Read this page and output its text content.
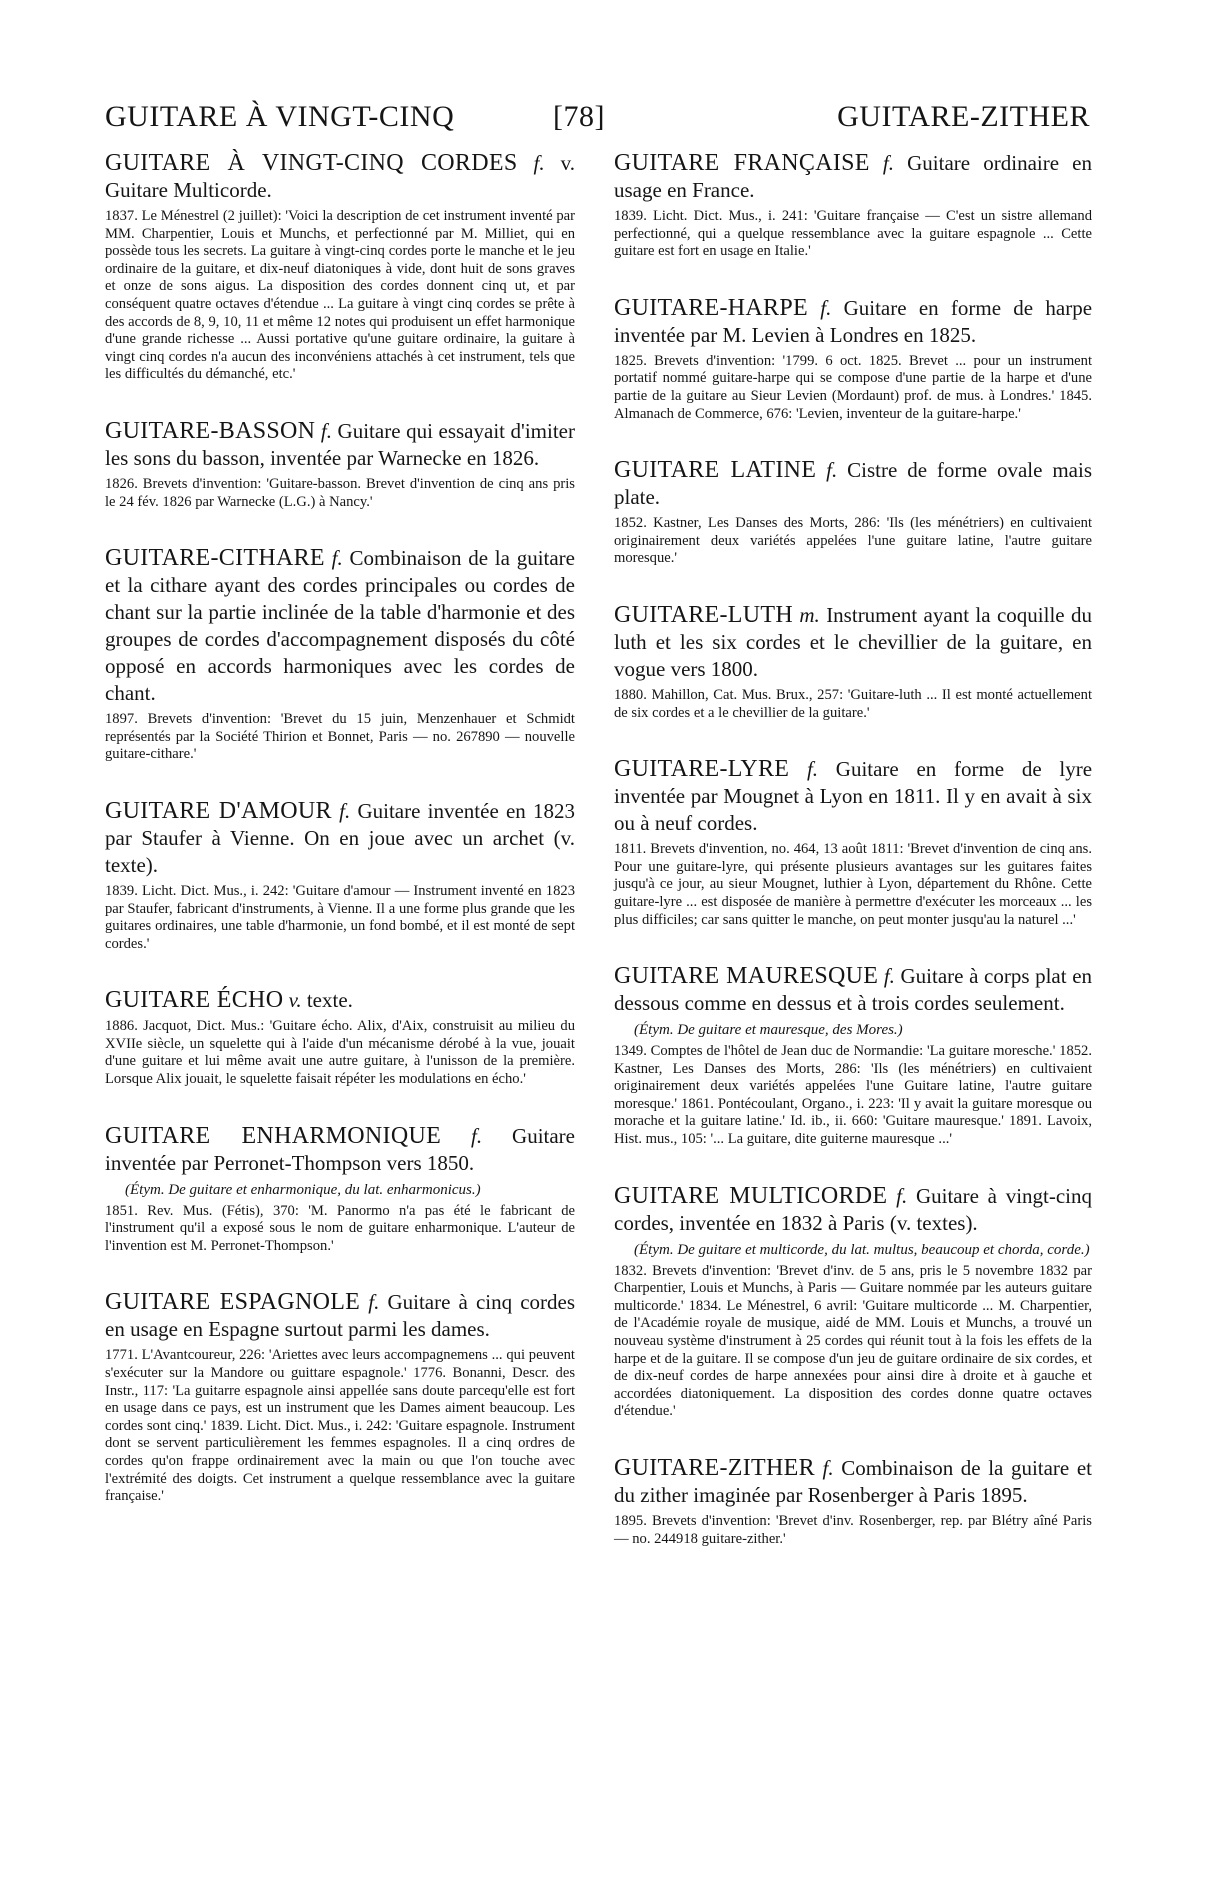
GUITARE À VINGT-CINQ	[78]	GUITARE-ZITHER

GUITARE À VINGT-CINQ CORDES f. v. Guitare Multicorde.

1837. Le Ménestrel (2 juillet): 'Voici la description de cet instrument inventé par MM. Charpentier, Louis et Munchs, et perfectionné par M. Milliet, qui en possède tous les secrets. La guitare à vingt-cinq cordes porte le manche et le jeu ordinaire de la guitare, et dix-neuf diatoniques à vide, dont huit de sons graves et onze de sons aigus. La disposition des cordes donnent cinq ut, et par conséquent quatre octaves d'étendue ... La guitare à vingt cinq cordes se prête à des accords de 8, 9, 10, 11 et même 12 notes qui produisent un effet harmonique d'une grande richesse ... Aussi portative qu'une guitare ordinaire, la guitare à vingt cinq cordes n'a aucun des inconvéniens attachés à cet instrument, tels que les difficultés du démanché, etc.'

GUITARE-BASSON f. Guitare qui essayait d'imiter les sons du basson, inventée par Warnecke en 1826.

1826. Brevets d'invention: 'Guitare-basson. Brevet d'invention de cinq ans pris le 24 fév. 1826 par Warnecke (L.G.) à Nancy.'

GUITARE-CITHARE f. Combinaison de la guitare et la cithare ayant des cordes principales ou cordes de chant sur la partie inclinée de la table d'harmonie et des groupes de cordes d'accompagnement disposés du côté opposé en accords harmoniques avec les cordes de chant.

1897. Brevets d'invention: 'Brevet du 15 juin, Menzenhauer et Schmidt représentés par la Société Thirion et Bonnet, Paris — no. 267890 — nouvelle guitare-cithare.'

GUITARE D'AMOUR f. Guitare inventée en 1823 par Staufer à Vienne. On en joue avec un archet (v. texte).

1839. Licht. Dict. Mus., i. 242: 'Guitare d'amour — Instrument inventé en 1823 par Staufer, fabricant d'instruments, à Vienne. Il a une forme plus grande que les guitares ordinaires, une table d'harmonie, un fond bombé, et il est monté de sept cordes.'

GUITARE ÉCHO v. texte.

1886. Jacquot, Dict. Mus.: 'Guitare écho. Alix, d'Aix, construisit au milieu du XVIIe siècle, un squelette qui à l'aide d'un mécanisme dérobé à la vue, jouait d'une guitare et lui même avait une autre guitare, à l'unisson de la première. Lorsque Alix jouait, le squelette faisait répéter les modulations en écho.'

GUITARE ENHARMONIQUE f. Guitare inventée par Perronet-Thompson vers 1850.

(Étym. De guitare et enharmonique, du lat. enharmonicus.)

1851. Rev. Mus. (Fétis), 370: 'M. Panormo n'a pas été le fabricant de l'instrument qu'il a exposé sous le nom de guitare enharmonique. L'auteur de l'invention est M. Perronet-Thompson.'

GUITARE ESPAGNOLE f. Guitare à cinq cordes en usage en Espagne surtout parmi les dames.

1771. L'Avantcoureur, 226: 'Ariettes avec leurs accompagnemens ... qui peuvent s'exécuter sur la Mandore ou guittare espagnole.' 1776. Bonanni, Descr. des Instr., 117: 'La guitarre espagnole ainsi appellée sans doute parcequ'elle est fort en usage dans ce pays, est un instrument que les Dames aiment beaucoup. Les cordes sont cinq.' 1839. Licht. Dict. Mus., i. 242: 'Guitare espagnole. Instrument dont se servent particulièrement les femmes espagnoles. Il a cinq ordres de cordes qu'on frappe ordinairement avec la main ou que l'on touche avec l'extrémité des doigts. Cet instrument a quelque ressemblance avec la guitare française.'

GUITARE FRANÇAISE f. Guitare ordinaire en usage en France.

1839. Licht. Dict. Mus., i. 241: 'Guitare française — C'est un sistre allemand perfectionné, qui a quelque ressemblance avec la guitare espagnole ... Cette guitare est fort en usage en Italie.'

GUITARE-HARPE f. Guitare en forme de harpe inventée par M. Levien à Londres en 1825.

1825. Brevets d'invention: '1799. 6 oct. 1825. Brevet ... pour un instrument portatif nommé guitare-harpe qui se compose d'une partie de la harpe et d'une partie de la guitare au Sieur Levien (Mordaunt) prof. de mus. à Londres.' 1845. Almanach de Commerce, 676: 'Levien, inventeur de la guitare-harpe.'

GUITARE LATINE f. Cistre de forme ovale mais plate.

1852. Kastner, Les Danses des Morts, 286: 'Ils (les ménétriers) en cultivaient originairement deux variétés appelées l'une guitare latine, l'autre guitare moresque.'

GUITARE-LUTH m. Instrument ayant la coquille du luth et les six cordes et le chevillier de la guitare, en vogue vers 1800.

1880. Mahillon, Cat. Mus. Brux., 257: 'Guitare-luth ... Il est monté actuellement de six cordes et a le chevillier de la guitare.'

GUITARE-LYRE f. Guitare en forme de lyre inventée par Mougnet à Lyon en 1811. Il y en avait à six ou à neuf cordes.

1811. Brevets d'invention, no. 464, 13 août 1811: 'Brevet d'invention de cinq ans. Pour une guitare-lyre, qui présente plusieurs avantages sur les guitares faites jusqu'à ce jour, au sieur Mougnet, luthier à Lyon, département du Rhône. Cette guitare-lyre ... est disposée de manière à permettre d'exécuter les morceaux ... les plus difficiles; car sans quitter le manche, on peut monter jusqu'au la naturel ...'

GUITARE MAURESQUE f. Guitare à corps plat en dessous comme en dessus et à trois cordes seulement.

(Étym. De guitare et mauresque, des Mores.)

1349. Comptes de l'hôtel de Jean duc de Normandie: 'La guitare moresche.' 1852. Kastner, Les Danses des Morts, 286: 'Ils (les ménétriers) en cultivaient originairement deux variétés appelées l'une Guitare latine, l'autre guitare moresque.' 1861. Pontécoulant, Organo., i. 223: 'Il y avait la guitare moresque ou morache et la guitare latine.' Id. ib., ii. 660: 'Guitare mauresque.' 1891. Lavoix, Hist. mus., 105: '... La guitare, dite guiterne mauresque ...'

GUITARE MULTICORDE f. Guitare à vingt-cinq cordes, inventée en 1832 à Paris (v. textes).

(Étym. De guitare et multicorde, du lat. multus, beaucoup et chorda, corde.)

1832. Brevets d'invention: 'Brevet d'inv. de 5 ans, pris le 5 novembre 1832 par Charpentier, Louis et Munchs, à Paris — Guitare nommée par les auteurs guitare multicorde.' 1834. Le Ménestrel, 6 avril: 'Guitare multicorde ... M. Charpentier, de l'Académie royale de musique, aidé de MM. Louis et Munchs, a trouvé un nouveau système d'instrument à 25 cordes qui réunit tout à la fois les effets de la harpe et de la guitare. Il se compose d'un jeu de guitare ordinaire de six cordes, et de dix-neuf cordes de harpe annexées pour ainsi dire à droite et à gauche et accordées diatoniquement. La disposition des cordes donne quatre octaves d'étendue.'

GUITARE-ZITHER f. Combinaison de la guitare et du zither imaginée par Rosenberger à Paris 1895.

1895. Brevets d'invention: 'Brevet d'inv. Rosenberger, rep. par Blétry aîné Paris — no. 244918 guitare-zither.'
